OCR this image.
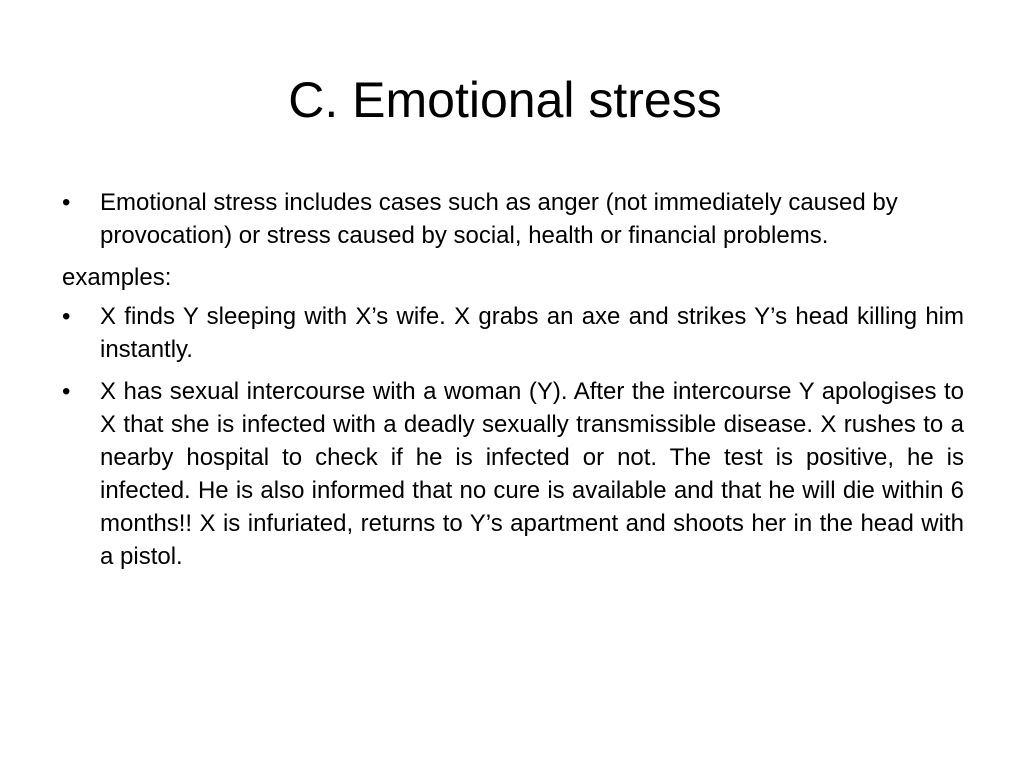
C. Emotional stress
• Emotional stress includes cases such as anger (not immediately caused by provocation) or stress caused by social, health or financial problems.
examples:
• X finds Y sleeping with X’s wife. X grabs an axe and strikes Y’s head killing him instantly.
• X has sexual intercourse with a woman (Y). After the intercourse Y apologises to X that she is infected with a deadly sexually transmissible disease. X rushes to a nearby hospital to check if he is infected or not. The test is positive, he is infected. He is also informed that no cure is available and that he will die within 6 months!! X is infuriated, returns to Y’s apartment and shoots her in the head with a pistol.
